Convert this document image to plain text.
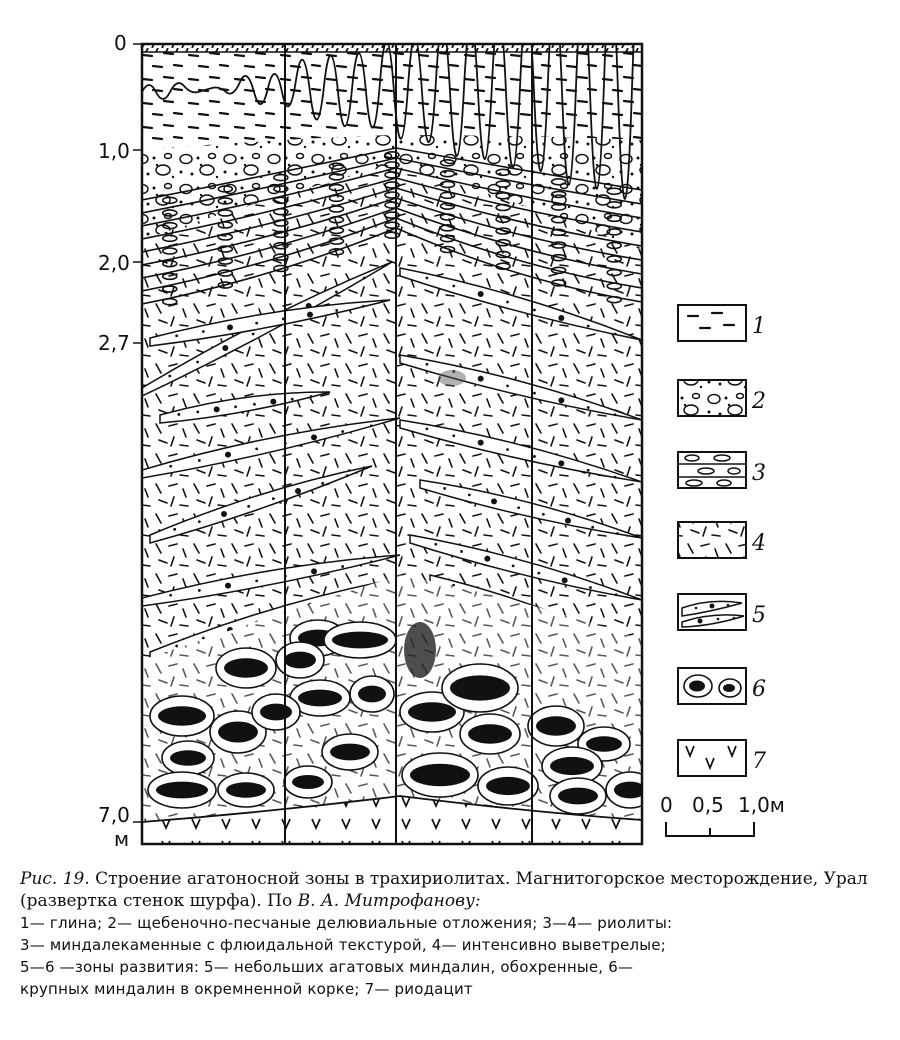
0
1,0
2,0
2,7
7,0
м
0 0,5 1,0м
1
2
3
4
5
6
7
Рис. 19. Строение агатоносной зоны в трахириолитах. Магнитогорское месторождение, Урал (развертка стенок шурфа). По В. А. Митрофанову:
1— глина; 2— щебеночно-песчаные делювиальные отложения; 3—4— риолиты:
3— миндалекаменные с флюидальной текстурой, 4— интенсивно выветрелые;
5—6 —зоны развития: 5— небольших агатовых миндалин, обохренные, 6—
крупных миндалин в окремненной корке; 7— риодацит
